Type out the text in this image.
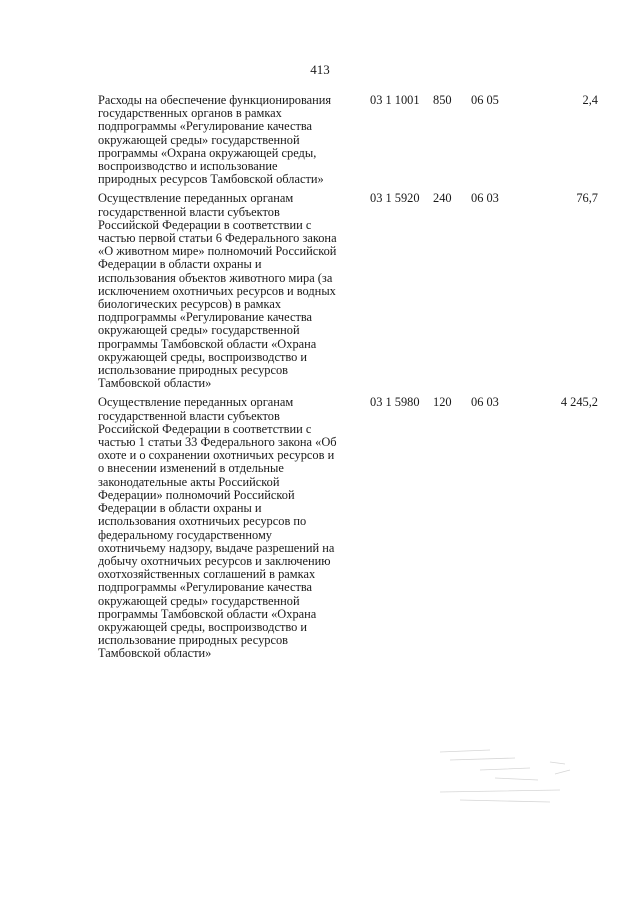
413
Расходы на обеспечение функционирования
государственных органов в рамках
подпрограммы «Регулирование качества
окружающей среды» государственной
программы «Охрана окружающей среды,
воспроизводство и использование
природных ресурсов Тамбовской области»
03 1 1001 850 06 05	2,4
Осуществление переданных органам
государственной власти субъектов
Российской Федерации в соответствии с
частью первой статьи 6 Федерального закона
«О животном мире» полномочий Российской
Федерации в области охраны и
использования объектов животного мира (за
исключением охотничьих ресурсов и водных
биологических ресурсов) в рамках
подпрограммы «Регулирование качества
окружающей среды» государственной
программы Тамбовской области «Охрана
окружающей среды, воспроизводство и
использование природных ресурсов
Тамбовской области»
03 1 5920 240 06 03	76,7
Осуществление переданных органам
государственной власти субъектов
Российской Федерации в соответствии с
частью 1 статьи 33 Федерального закона «Об
охоте и о сохранении охотничьих ресурсов и
о внесении изменений в отдельные
законодательные акты Российской
Федерации» полномочий Российской
Федерации в области охраны и
использования охотничьих ресурсов по
федеральному государственному
охотничьему надзору, выдаче разрешений на
добычу охотничьих ресурсов и заключению
охотхозяйственных соглашений в рамках
подпрограммы «Регулирование качества
окружающей среды» государственной
программы Тамбовской области «Охрана
окружающей среды, воспроизводство и
использование природных ресурсов
Тамбовской области»
03 1 5980 120 06 03	4 245,2
